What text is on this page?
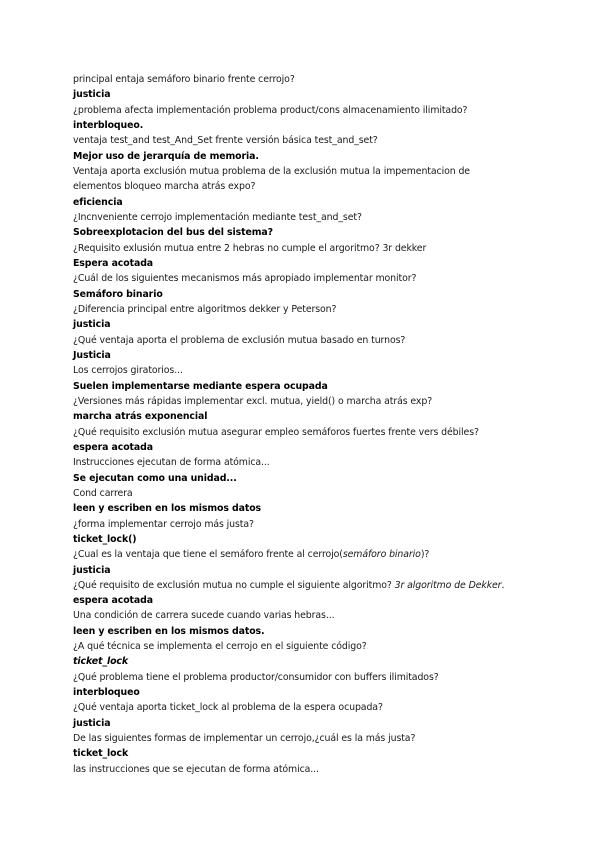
principal entaja semáforo binario frente cerrojo?
justicia
¿problema afecta implementación problema product/cons almacenamiento ilimitado?
interbloqueo.
ventaja test_and test_And_Set frente versión básica test_and_set?
Mejor uso de jerarquía de memoria.
Ventaja aporta exclusión mutua problema de la exclusión mutua la impementacion de
elementos bloqueo marcha atrás expo?
eficiencia
¿Incnveniente cerrojo implementación mediante test_and_set?
Sobreexplotacion del bus del sistema?
¿Requisito exlusión mutua entre 2 hebras no cumple el argoritmo? 3r dekker
Espera acotada
¿Cuál de los siguientes mecanismos más apropiado implementar monitor?
Semáforo binario
¿Diferencia principal entre algoritmos dekker y Peterson?
justicia
¿Qué ventaja aporta el problema de exclusión mutua basado en turnos?
Justicia
Los cerrojos giratorios...
Suelen implementarse mediante espera ocupada
¿Versiones más rápidas implementar excl. mutua, yield() o marcha atrás exp?
marcha atrás exponencial
¿Qué requisito exclusión mutua asegurar empleo semáforos fuertes frente vers débiles?
espera acotada
Instrucciones ejecutan de forma atómica...
Se ejecutan como una unidad...
Cond carrera
leen y escriben en los mismos datos
¿forma implementar cerrojo más justa?
ticket_lock()
¿Cual es la ventaja que tiene el semáforo frente al cerrojo(semáforo binario)?
justicia
¿Qué requisito de exclusión mutua no cumple el siguiente algoritmo? 3r algoritmo de Dekker.
espera acotada
Una condición de carrera sucede cuando varias hebras...
leen y escriben en los mismos datos.
¿A qué técnica se implementa el cerrojo en el siguiente código?
ticket_lock
¿Qué problema tiene el problema productor/consumidor con buffers ilimitados?
interbloqueo
¿Qué ventaja aporta ticket_lock al problema de la espera ocupada?
justicia
De las siguientes formas de implementar un cerrojo,¿cuál es la más justa?
ticket_lock
las instrucciones que se ejecutan de forma atómica...
